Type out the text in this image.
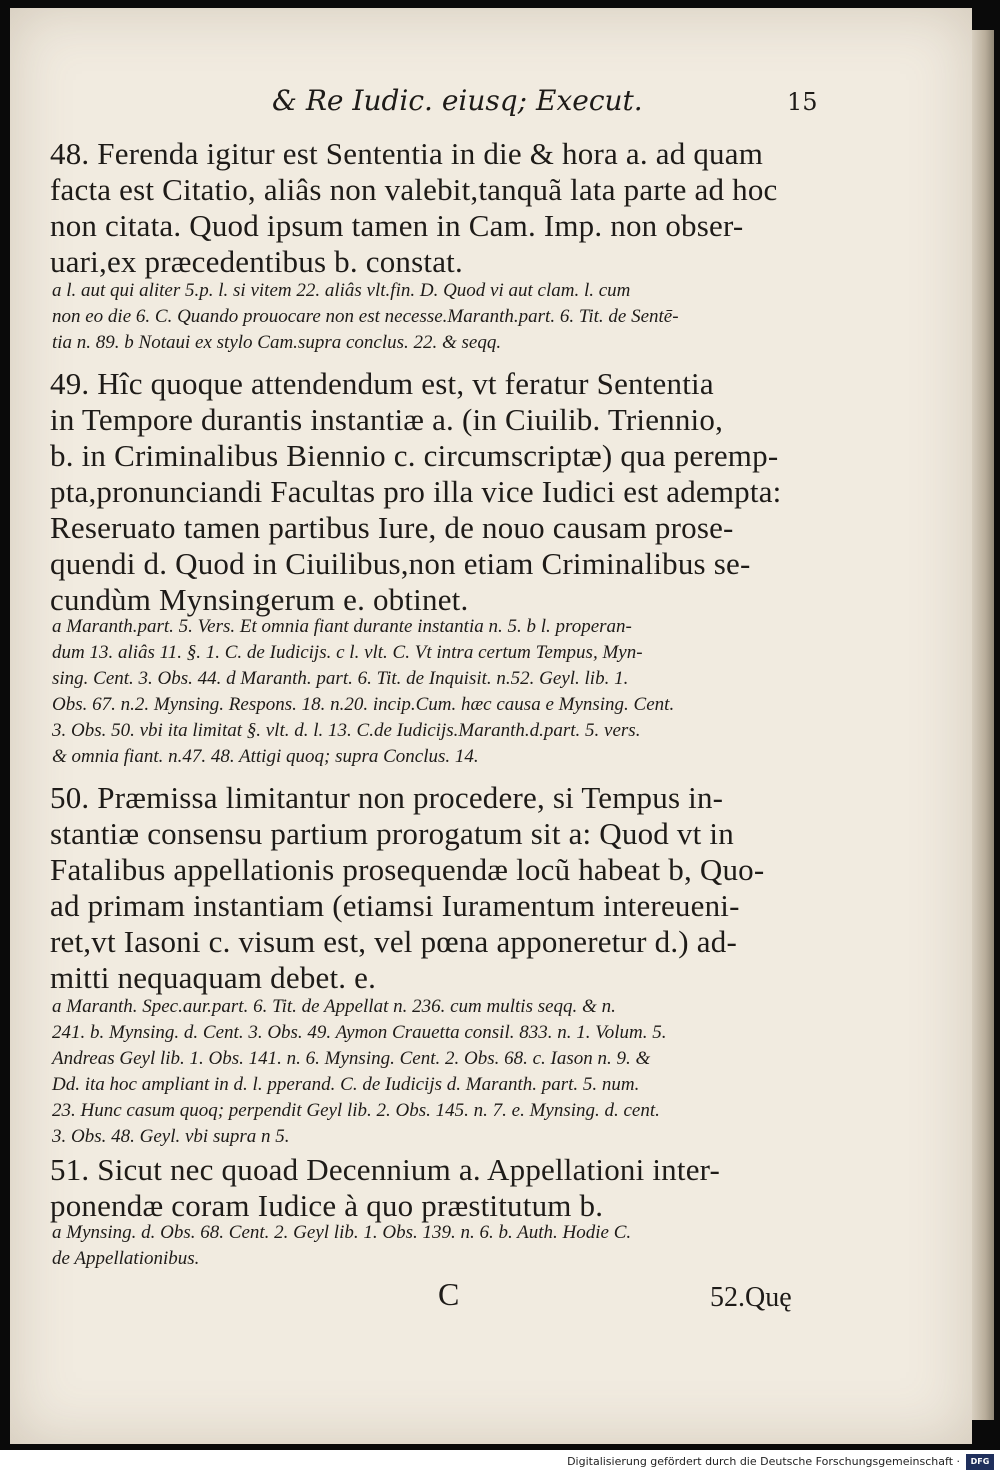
& Re Iudic. eiusq; Execut.	15
48. Ferenda igitur est Sententia in die & hora a. ad quam
facta est Citatio, aliâs non valebit,tanquã lata parte ad hoc
non citata. Quod ipsum tamen in Cam. Imp. non obser-
uari,ex præcedentibus b. constat.
a l. aut qui aliter 5.p. l. si vitem 22. aliâs vlt.fin. D. Quod vi aut clam. l. cum
non eo die 6. C. Quando prouocare non est necesse.Maranth.part. 6. Tit. de Sentē-
tia n. 89. b Notaui ex stylo Cam.supra conclus. 22. & seqq.
49. Hîc quoque attendendum est, vt feratur Sententia
in Tempore durantis instantiæ a. (in Ciuilib. Triennio,
b. in Criminalibus Biennio c. circumscriptæ) qua peremp-
pta,pronunciandi Facultas pro illa vice Iudici est adempta:
Reseruato tamen partibus Iure, de nouo causam prose-
quendi d. Quod in Ciuilibus,non etiam Criminalibus se-
cundùm Mynsingerum e. obtinet.
a Maranth.part. 5. Vers. Et omnia fiant durante instantia n. 5. b l. properan-
dum 13. aliâs 11. §. 1. C. de Iudicijs. c l. vlt. C. Vt intra certum Tempus, Myn-
sing. Cent. 3. Obs. 44. d Maranth. part. 6. Tit. de Inquisit. n.52. Geyl. lib. 1.
Obs. 67. n.2. Mynsing. Respons. 18. n.20. incip.Cum. hæc causa e Mynsing. Cent.
3. Obs. 50. vbi ita limitat §. vlt. d. l. 13. C.de Iudicijs.Maranth.d.part. 5. vers.
& omnia fiant. n.47. 48. Attigi quoq; supra Conclus. 14.
50. Præmissa limitantur non procedere, si Tempus in-
stantiæ consensu partium prorogatum sit a: Quod vt in
Fatalibus appellationis prosequendæ locũ habeat b, Quo-
ad primam instantiam (etiamsi Iuramentum intereueni-
ret,vt Iasoni c. visum est, vel pœna apponeretur d.) ad-
mitti nequaquam debet. e.
a Maranth. Spec.aur.part. 6. Tit. de Appellat n. 236. cum multis seqq. & n.
241. b. Mynsing. d. Cent. 3. Obs. 49. Aymon Crauetta consil. 833. n. 1. Volum. 5.
Andreas Geyl lib. 1. Obs. 141. n. 6. Mynsing. Cent. 2. Obs. 68. c. Iason n. 9. &
Dd. ita hoc ampliant in d. l. pperand. C. de Iudicijs d. Maranth. part. 5. num.
23. Hunc casum quoq; perpendit Geyl lib. 2. Obs. 145. n. 7. e. Mynsing. d. cent.
3. Obs. 48. Geyl. vbi supra n 5.
51. Sicut nec quoad Decennium a. Appellationi inter-
ponendæ coram Iudice à quo præstitutum b.
a Mynsing. d. Obs. 68. Cent. 2. Geyl lib. 1. Obs. 139. n. 6. b. Auth. Hodie C.
de Appellationibus.
C	52.Quę
Digitalisierung gefördert durch die Deutsche Forschungsgemeinschaft ·	DFG
